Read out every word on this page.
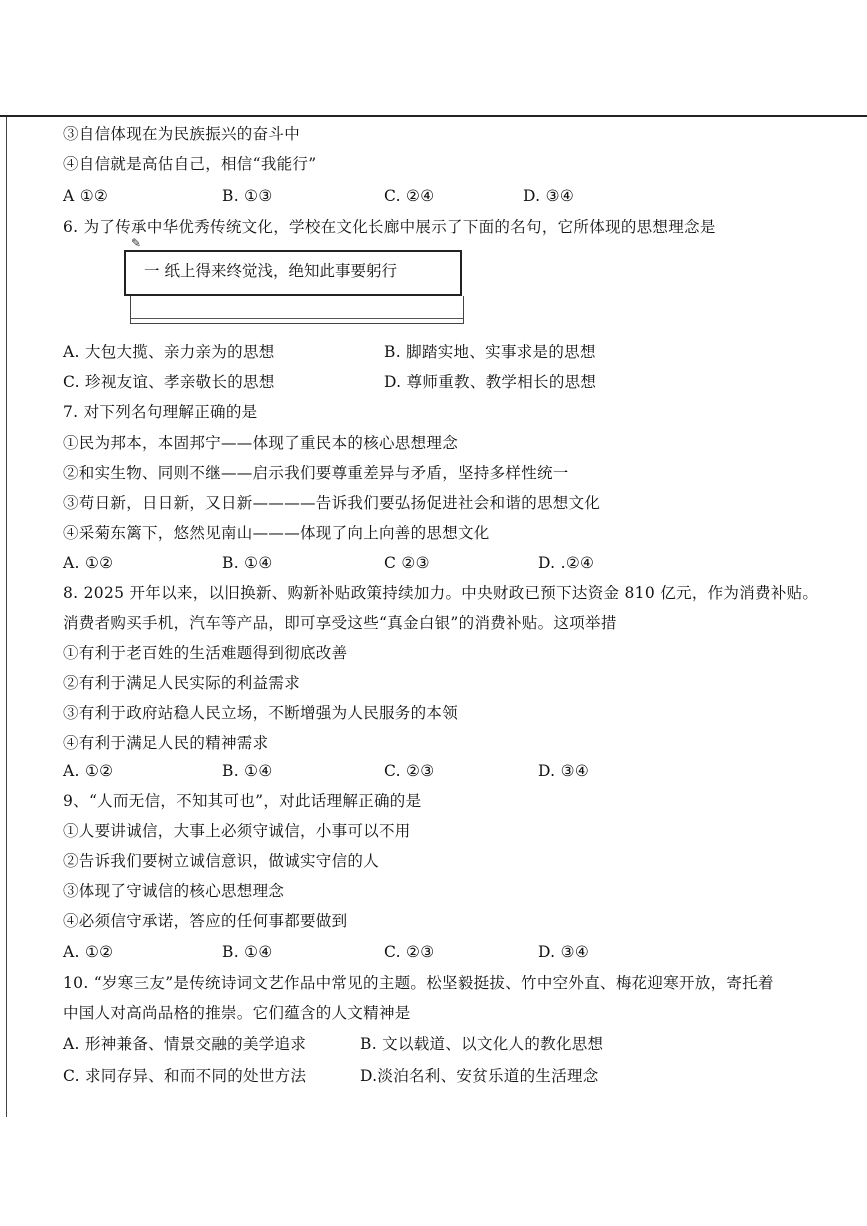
③自信体现在为民族振兴的奋斗中
④自信就是高估自己，相信“我能行”
A ①②	B. ①③	C. ②④	D. ③④
6. 为了传承中华优秀传统文化，学校在文化长廊中展示了下面的名句，它所体现的思想理念是
✎
一 纸上得来终觉浅，绝知此事要躬行
A. 大包大揽、亲力亲为的思想	B. 脚踏实地、实事求是的思想
C. 珍视友谊、孝亲敬长的思想	D. 尊师重教、教学相长的思想
7. 对下列名句理解正确的是
①民为邦本，本固邦宁——体现了重民本的核心思想理念
②和实生物、同则不继——启示我们要尊重差异与矛盾，坚持多样性统一
③苟日新，日日新，又日新————告诉我们要弘扬促进社会和谐的思想文化
④采菊东篱下，悠然见南山———体现了向上向善的思想文化
A. ①②	B. ①④	C ②③	D. .②④
8. 2025 开年以来，以旧换新、购新补贴政策持续加力。中央财政已预下达资金 810 亿元，作为消费补贴。
消费者购买手机，汽车等产品，即可享受这些“真金白银”的消费补贴。这项举措
①有利于老百姓的生活难题得到彻底改善
②有利于满足人民实际的利益需求
③有利于政府站稳人民立场，不断增强为人民服务的本领
④有利于满足人民的精神需求
A. ①②	B. ①④	C. ②③	D. ③④
9、“人而无信，不知其可也”，对此话理解正确的是
①人要讲诚信，大事上必须守诚信，小事可以不用
②告诉我们要树立诚信意识，做诚实守信的人
③体现了守诚信的核心思想理念
④必须信守承诺，答应的任何事都要做到
A. ①②	B. ①④	C. ②③	D. ③④
10. “岁寒三友”是传统诗词文艺作品中常见的主题。松坚毅挺拔、竹中空外直、梅花迎寒开放，寄托着
中国人对高尚品格的推崇。它们蕴含的人文精神是
A. 形神兼备、情景交融的美学追求	B. 文以载道、以文化人的教化思想
C. 求同存异、和而不同的处世方法	D.淡泊名利、安贫乐道的生活理念
